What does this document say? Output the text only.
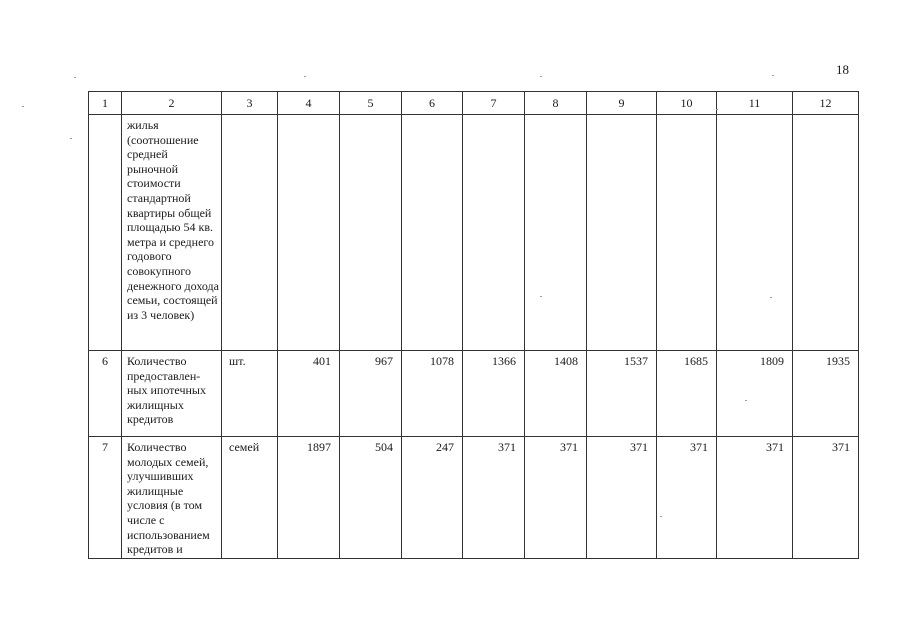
18
1	2	3	4	5	6	7	8	9	10	11	12
	жилья (соотношение средней рыночной стоимости стандартной квартиры общей площадью 54 кв. метра и среднего годового совокупного денежного дохода семьи, состоящей из 3 человек)										
6	Количество предоставлен-ных ипотечных жилищных кредитов	шт.	401	967	1078	1366	1408	1537	1685	1809	1935
7	Количество молодых семей, улучшивших жилищные условия (в том числе с использованием кредитов и	семей	1897	504	247	371	371	371	371	371	371
